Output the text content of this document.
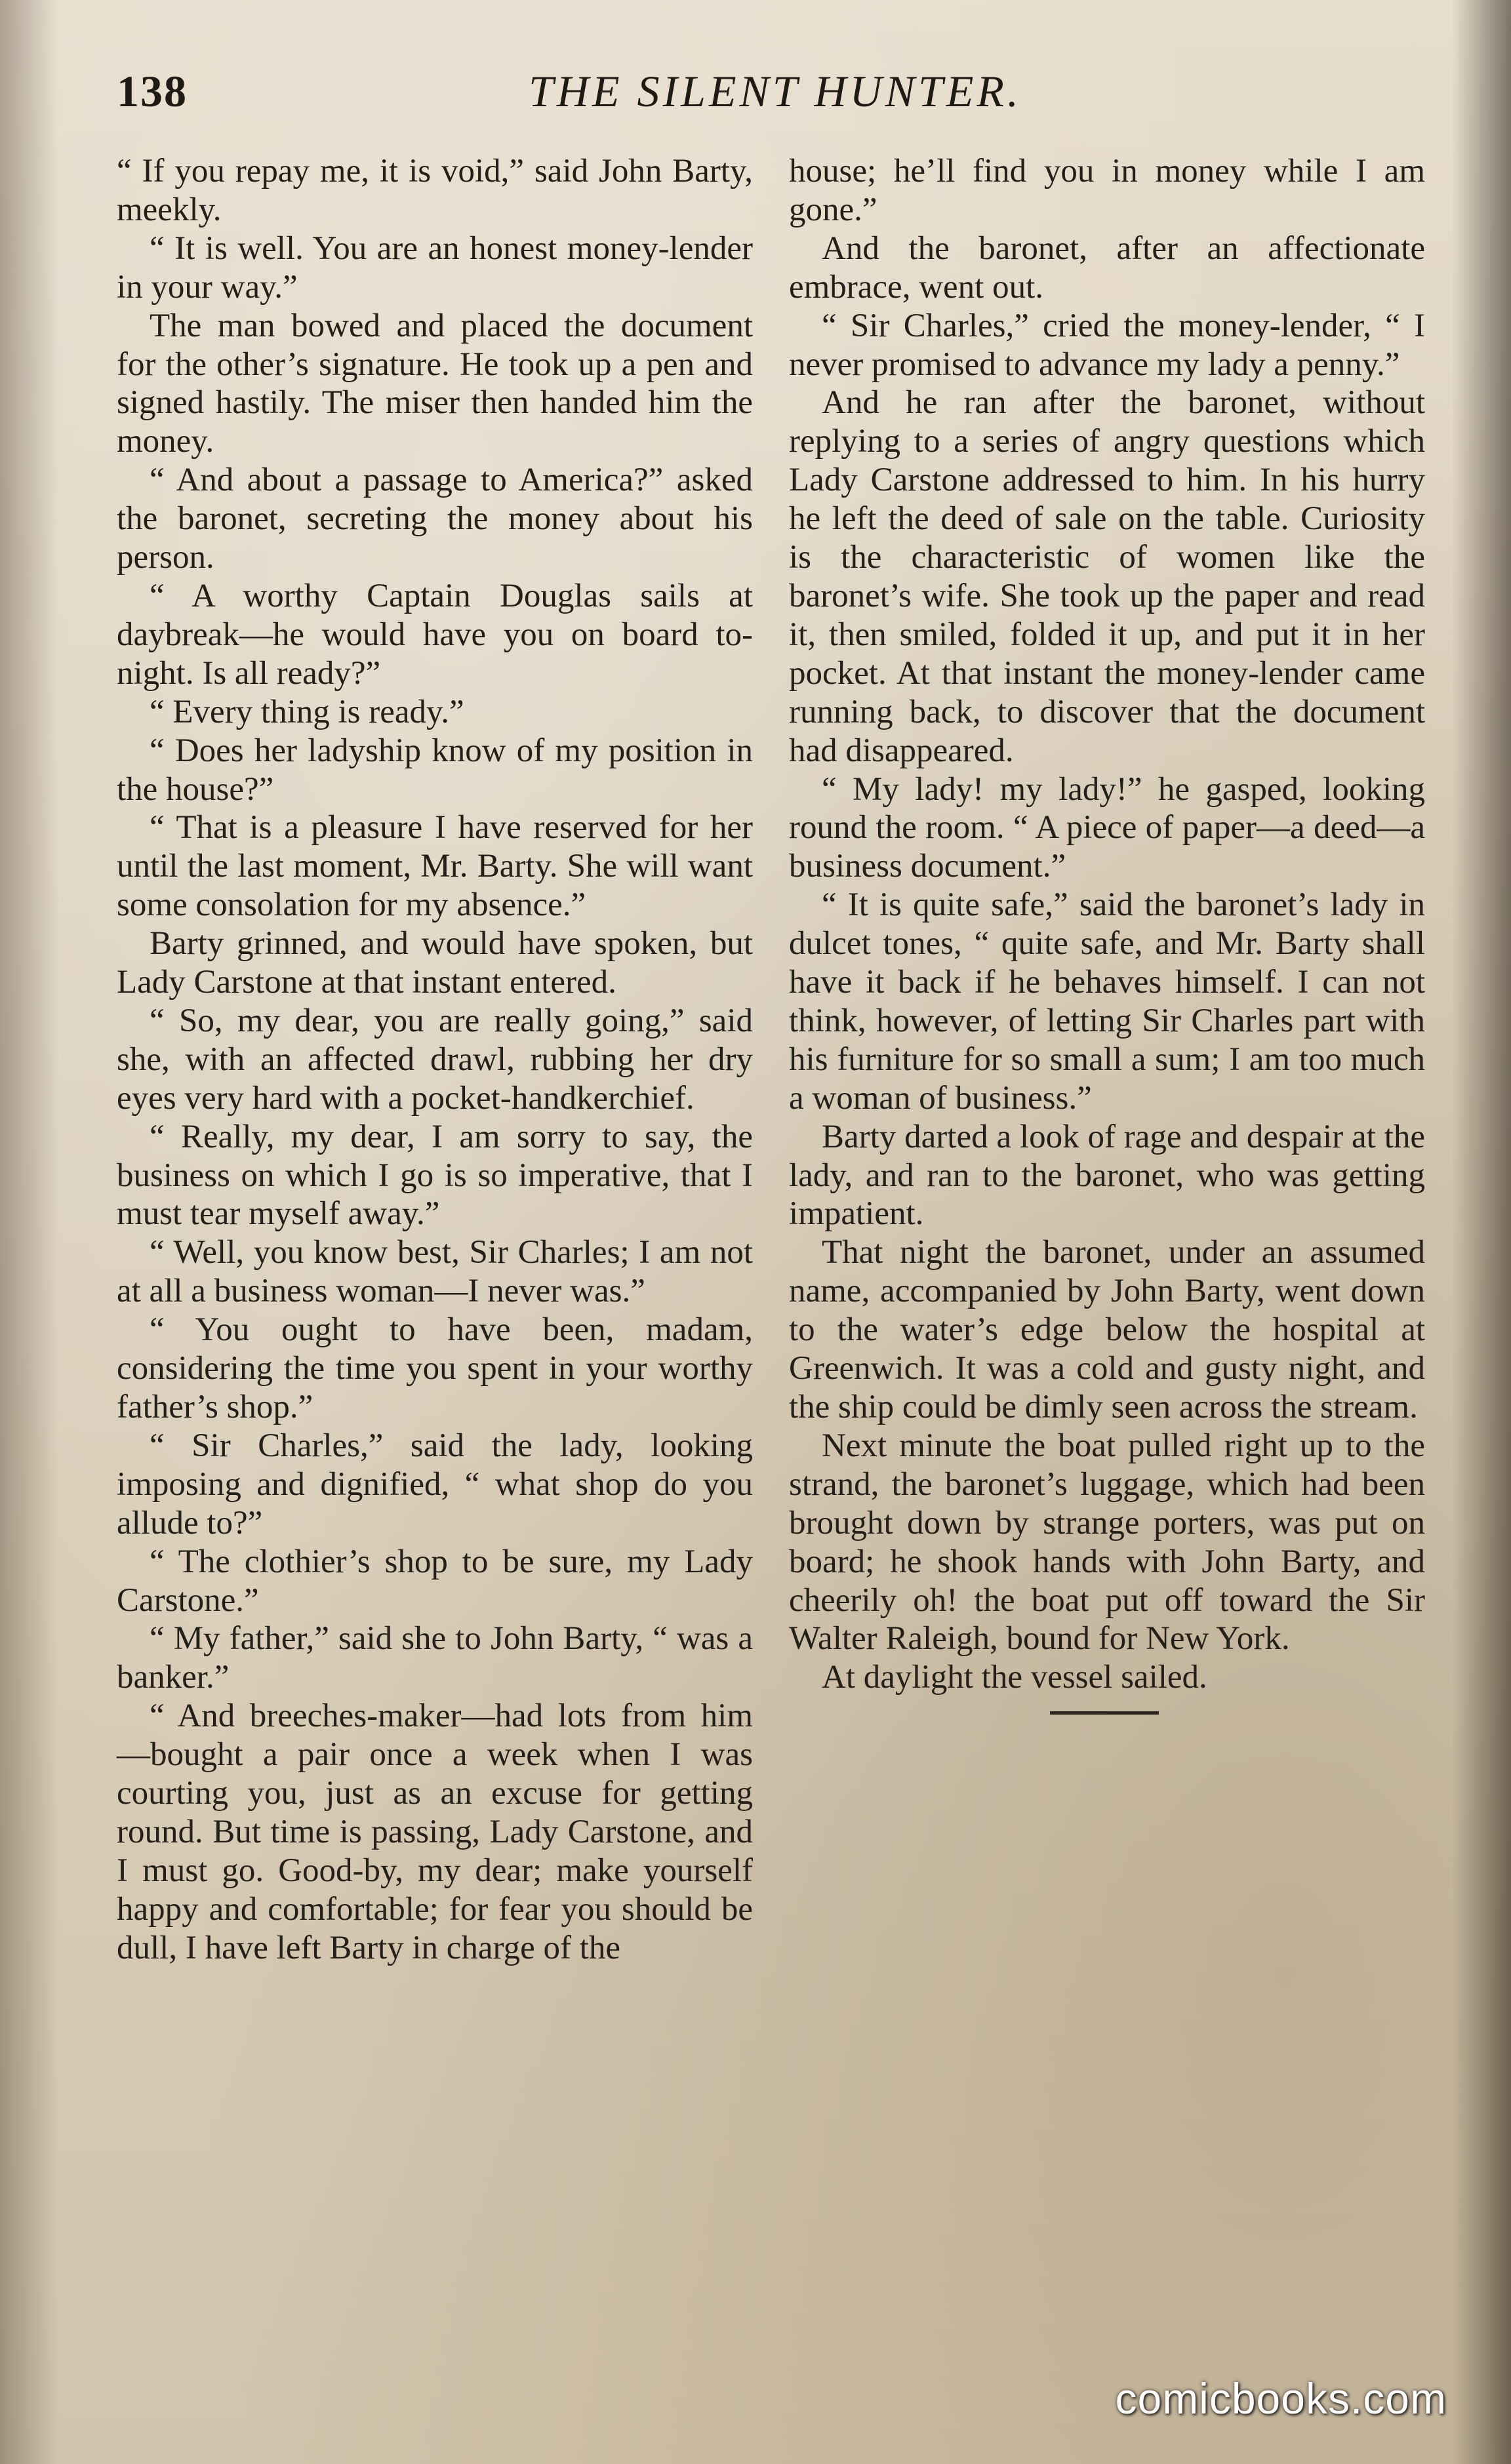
138	THE SILENT HUNTER.

“ If you repay me, it is void,” said John Barty, meekly.

“ It is well. You are an honest money-lender in your way.”

The man bowed and placed the document for the other’s signature. He took up a pen and signed hastily. The miser then handed him the money.

“ And about a passage to America?” asked the baronet, secreting the money about his person.

“ A worthy Captain Douglas sails at daybreak—he would have you on board to-night. Is all ready?”

“ Every thing is ready.”

“ Does her ladyship know of my position in the house?”

“ That is a pleasure I have reserved for her until the last moment, Mr. Barty. She will want some consolation for my absence.”

Barty grinned, and would have spoken, but Lady Carstone at that instant entered.

“ So, my dear, you are really going,” said she, with an affected drawl, rubbing her dry eyes very hard with a pocket-handkerchief.

“ Really, my dear, I am sorry to say, the business on which I go is so imperative, that I must tear myself away.”

“ Well, you know best, Sir Charles; I am not at all a business woman—I never was.”

“ You ought to have been, madam, considering the time you spent in your worthy father’s shop.”

“ Sir Charles,” said the lady, looking imposing and dignified, “ what shop do you allude to?”

“ The clothier’s shop to be sure, my Lady Carstone.”

“ My father,” said she to John Barty, “ was a banker.”

“ And breeches-maker—had lots from him—bought a pair once a week when I was courting you, just as an excuse for getting round. But time is passing, Lady Carstone, and I must go. Good-by, my dear; make yourself happy and comfortable; for fear you should be dull, I have left Barty in charge of the

house; he’ll find you in money while I am gone.”

And the baronet, after an affectionate embrace, went out.

“ Sir Charles,” cried the money-lender, “ I never promised to advance my lady a penny.”

And he ran after the baronet, without replying to a series of angry questions which Lady Carstone addressed to him. In his hurry he left the deed of sale on the table. Curiosity is the characteristic of women like the baronet’s wife. She took up the paper and read it, then smiled, folded it up, and put it in her pocket. At that instant the money-lender came running back, to discover that the document had disappeared.

“ My lady! my lady!” he gasped, looking round the room. “ A piece of paper—a deed—a business document.”

“ It is quite safe,” said the baronet’s lady in dulcet tones, “ quite safe, and Mr. Barty shall have it back if he behaves himself. I can not think, however, of letting Sir Charles part with his furniture for so small a sum; I am too much a woman of business.”

Barty darted a look of rage and despair at the lady, and ran to the baronet, who was getting impatient.

That night the baronet, under an assumed name, accompanied by John Barty, went down to the water’s edge below the hospital at Greenwich. It was a cold and gusty night, and the ship could be dimly seen across the stream.

Next minute the boat pulled right up to the strand, the baronet’s luggage, which had been brought down by strange porters, was put on board; he shook hands with John Barty, and cheerily oh! the boat put off toward the Sir Walter Raleigh, bound for New York.

At daylight the vessel sailed.

comicbooks.com
